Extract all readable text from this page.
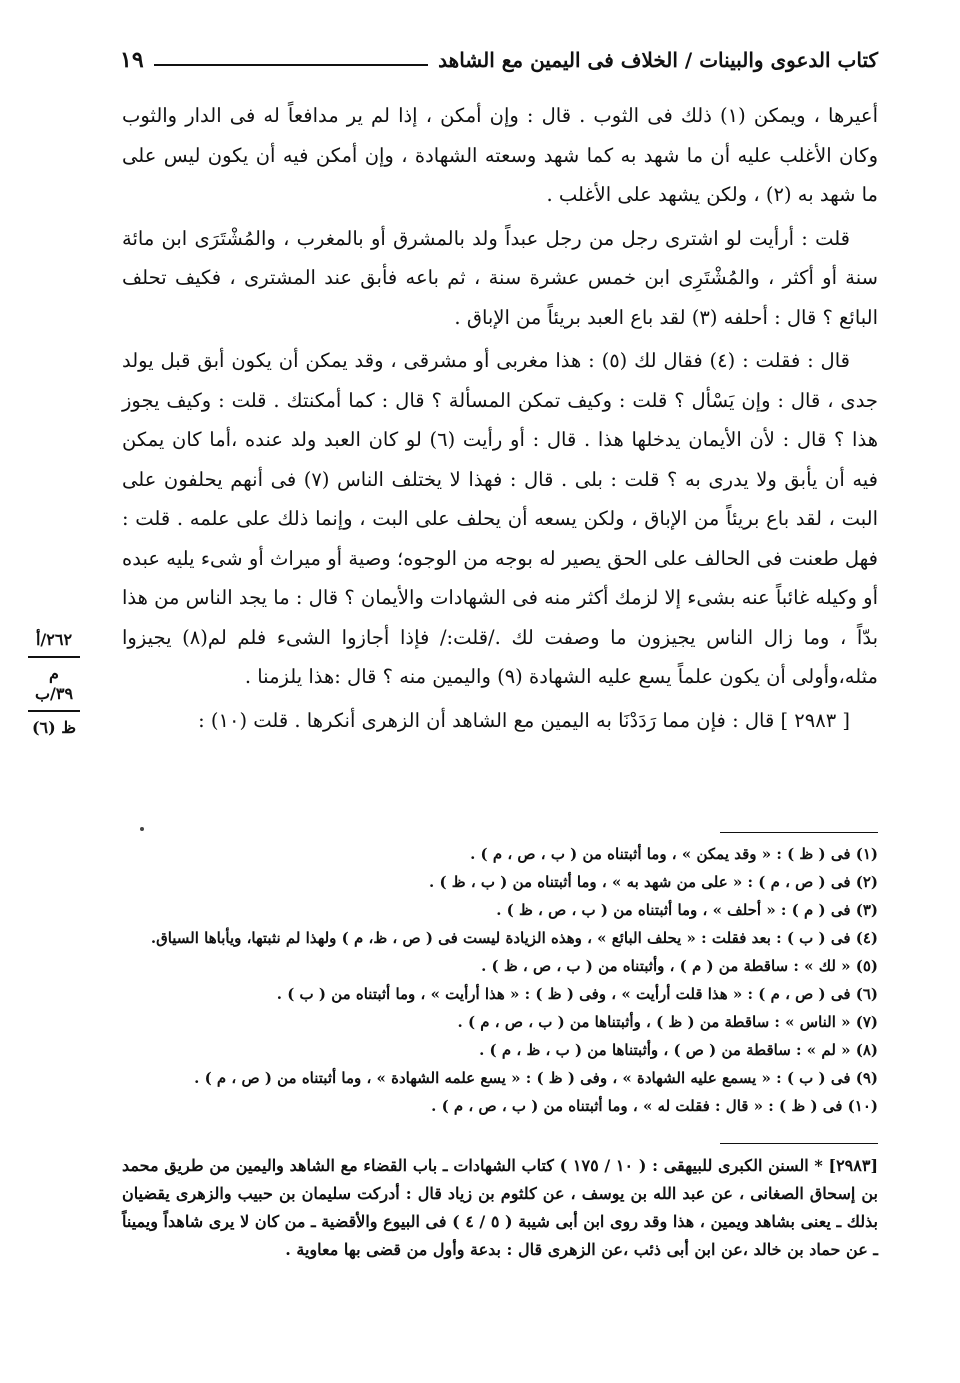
كتاب الدعوى والبينات / الخلاف فى اليمين مع الشاهد
١٩

أعيرها ، ويمكن (١) ذلك فى الثوب . قال : وإن أمكن ، إذا لم ير مدافعاً له فى الدار والثوب وكان الأغلب عليه أن ما شهد به كما شهد وسعته الشهادة ، وإن أمكن فيه أن يكون ليس على ما شهد به (٢) ، ولكن يشهد على الأغلب .

قلت : أرأيت لو اشترى رجل من رجل عبداً ولد بالمشرق أو بالمغرب ، والمُشْتَرَى ابن مائة سنة أو أكثر ، والمُشْتَرِى ابن خمس عشرة سنة ، ثم باعه فأبق عند المشترى ، فكيف تحلف البائع ؟ قال : أحلفه (٣) لقد باع العبد بريئاً من الإباق .

قال : فقلت : (٤) فقال لك (٥) : هذا مغربى أو مشرقى ، وقد يمكن أن يكون أبق قبل يولد جدى ، قال : وإن يَسْأل ؟ قلت : وكيف تمكن المسألة ؟ قال : كما أمكنتك . قلت : وكيف يجوز هذا ؟ قال : لأن الأيمان يدخلها هذا . قال : أو رأيت (٦) لو كان العبد ولد عنده ،أما كان يمكن فيه أن يأبق ولا يدرى به ؟ قلت : بلى . قال : فهذا لا يختلف الناس (٧) فى أنهم يحلفون على البت ، لقد باع بريئاً من الإباق ، ولكن يسعه أن يحلف على البت ، وإنما ذلك على علمه . قلت : فهل طعنت فى الحالف على الحق يصير له بوجه من الوجوه؛ وصية أو ميراث أو شىء يليه عبده أو وكيله غائباً عنه بشىء إلا لزمك أكثر منه فى الشهادات والأيمان ؟ قال : ما يجد الناس من هذا بدّاً ، وما زال الناس يجيزون ما وصفت لك ./قلت:/ فإذا أجازوا الشىء فلم لم(٨) يجيزوا مثله،وأولى أن يكون علماً يسع عليه الشهادة (٩) واليمين منه ؟ قال :هذا يلزمنا .

[ ٢٩٨٣ ] قال : فإن مما رَدَدْنَا به اليمين مع الشاهد أن الزهرى أنكرها . قلت (١٠) :

٢٦٢/أ
م
٣٩/ب
ظ (٦)
(١) فى ( ظ ) : « وقد يمكن » ، وما أثبتناه من ( ب ، ص ، م ) .
(٢) فى ( ص ، م ) : « على من شهد به » ، وما أثبتناه من ( ب ، ظ ) .
(٣) فى ( م ) : « أحلف » ، وما أثبتناه من ( ب ، ص ، ظ ) .
(٤) فى ( ب ) : بعد فقلت : « يحلف البائع » ، وهذه الزيادة ليست فى ( ص ، ظ، م ) ولهذا لم نثبتها، ويأباها السياق.
(٥) « لك » : ساقطة من ( م ) ، وأثبتناه من ( ب ، ص ، ظ ) .
(٦) فى ( ص ، م ) : « هذا قلت أرأيت » ، وفى ( ظ ) : « هذا أرأيت » ، وما أثبتناه من ( ب ) .
(٧) « الناس » : ساقطة من ( ظ ) ، وأثبتناها من ( ب ، ص ، م ) .
(٨) « لم » : ساقطة من ( ص ) ، وأثبتناها من ( ب ، ظ ، م ) .
(٩) فى ( ب ) : « يسمع عليه الشهادة » ، وفى ( ظ ) : « يسع علمه الشهادة » ، وما أثبتناه من ( ص ، م ) .
(١٠) فى ( ظ ) : « قال : فقلت له » ، وما أثبتناه من ( ب ، ص ، م ) .
[٢٩٨٣] * السنن الكبرى للبيهقى : ( ١٠ / ١٧٥ ) كتاب الشهادات ـ باب القضاء مع الشاهد واليمين من طريق محمد بن إسحاق الصغانى ، عن عبد الله بن يوسف ، عن كلثوم بن زياد قال : أدركت سليمان بن حبيب والزهرى يقضيان بذلك ـ يعنى بشاهد ويمين ، هذا وقد روى ابن أبى شيبة ( ٥ / ٤ ) فى البيوع والأقضية ـ من كان لا يرى شاهداً ويميناً ـ عن حماد بن خالد ،عن ابن أبى ذئب ،عن الزهرى قال : بدعة وأول من قضى بها معاوية .
